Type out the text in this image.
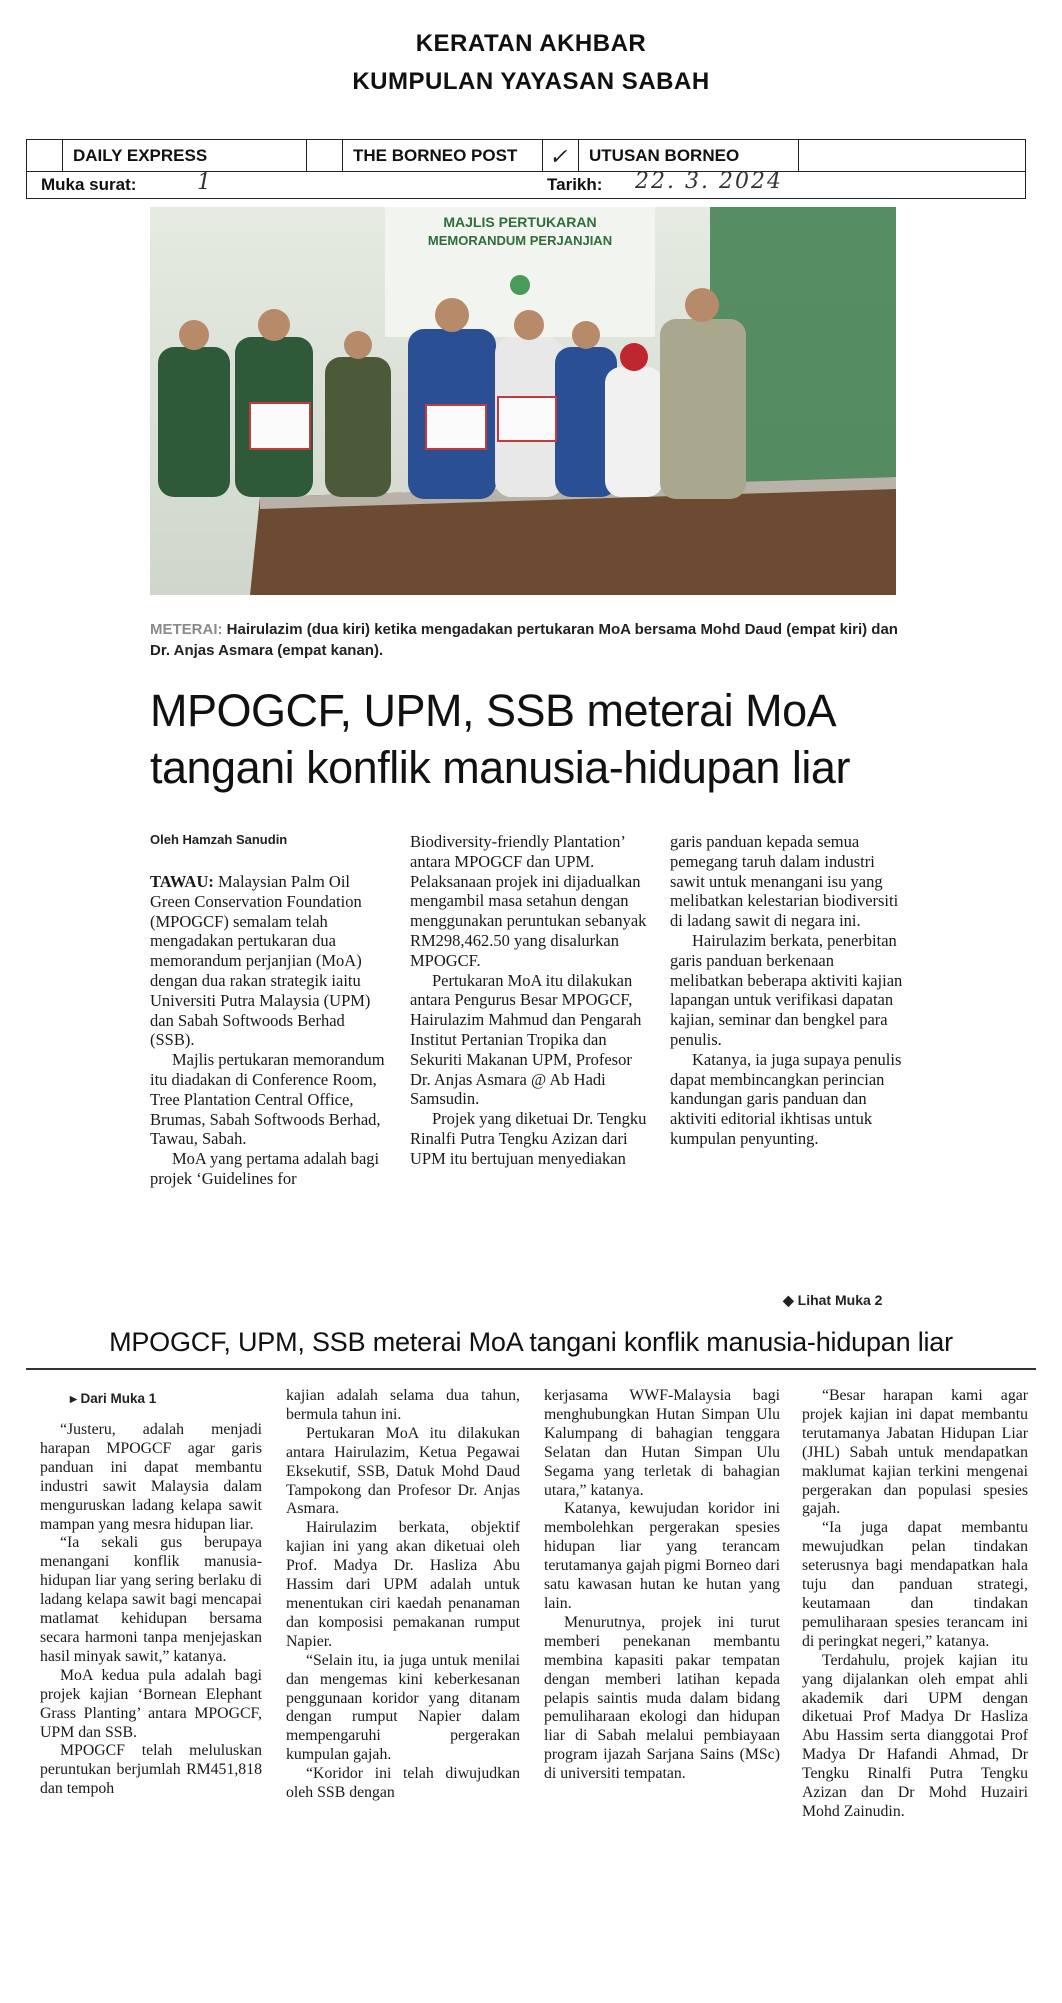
KERATAN AKHBAR
KUMPULAN YAYASAN SABAH
DAILY EXPRESS	THE BORNEO POST	✓	UTUSAN BORNEO
Muka surat:	1	Tarikh: 22. 3. 2024
MAJLIS PERTUKARAN
MEMORANDUM PERJANJIAN
METERAI: Hairulazim (dua kiri) ketika mengadakan pertukaran MoA bersama Mohd Daud (empat kiri) dan Dr. Anjas Asmara (empat kanan).
MPOGCF, UPM, SSB meterai MoA
tangani konflik manusia-hidupan liar
Oleh Hamzah Sanudin

TAWAU: Malaysian Palm Oil Green Conservation Foundation (MPOGCF) semalam telah mengadakan pertukaran dua memorandum perjanjian (MoA) dengan dua rakan strategik iaitu Universiti Putra Malaysia (UPM) dan Sabah Softwoods Berhad (SSB).

Majlis pertukaran memorandum itu diadakan di Conference Room, Tree Plantation Central Office, Brumas, Sabah Softwoods Berhad, Tawau, Sabah.

MoA yang pertama adalah bagi projek ‘Guidelines for

Biodiversity-friendly Plantation’ antara MPOGCF dan UPM. Pelaksanaan projek ini dijadualkan mengambil masa setahun dengan menggunakan peruntukan sebanyak RM298,462.50 yang disalurkan MPOGCF.

Pertukaran MoA itu dilakukan antara Pengurus Besar MPOGCF, Hairulazim Mahmud dan Pengarah Institut Pertanian Tropika dan Sekuriti Makanan UPM, Profesor Dr. Anjas Asmara @ Ab Hadi Samsudin.

Projek yang diketuai Dr. Tengku Rinalfi Putra Tengku Azizan dari UPM itu bertujuan menyediakan

garis panduan kepada semua pemegang taruh dalam industri sawit untuk menangani isu yang melibatkan kelestarian biodiversiti di ladang sawit di negara ini.

Hairulazim berkata, penerbitan garis panduan berkenaan melibatkan beberapa aktiviti kajian lapangan untuk verifikasi dapatan kajian, seminar dan bengkel para penulis.

Katanya, ia juga supaya penulis dapat membincangkan perincian kandungan garis panduan dan aktiviti editorial ikhtisas untuk kumpulan penyunting.

◆ Lihat Muka 2
MPOGCF, UPM, SSB meterai MoA tangani konflik manusia-hidupan liar
▸ Dari Muka 1

“Justeru, adalah menjadi harapan MPOGCF agar garis panduan ini dapat membantu industri sawit Malaysia dalam menguruskan ladang kelapa sawit mampan yang mesra hidupan liar.

“Ia sekali gus berupaya menangani konflik manusia-hidupan liar yang sering berlaku di ladang kelapa sawit bagi mencapai matlamat kehidupan bersama secara harmoni tanpa menjejaskan hasil minyak sawit,” katanya.

MoA kedua pula adalah bagi projek kajian ‘Bornean Elephant Grass Planting’ antara MPOGCF, UPM dan SSB.

MPOGCF telah meluluskan peruntukan berjumlah RM451,818 dan tempoh

kajian adalah selama dua tahun, bermula tahun ini.

Pertukaran MoA itu dilakukan antara Hairulazim, Ketua Pegawai Eksekutif, SSB, Datuk Mohd Daud Tampokong dan Profesor Dr. Anjas Asmara.

Hairulazim berkata, objektif kajian ini yang akan diketuai oleh Prof. Madya Dr. Hasliza Abu Hassim dari UPM adalah untuk menentukan ciri kaedah penanaman dan komposisi pemakanan rumput Napier.

“Selain itu, ia juga untuk menilai dan mengemas kini keberkesanan penggunaan koridor yang ditanam dengan rumput Napier dalam mempengaruhi pergerakan kumpulan gajah.

“Koridor ini telah diwujudkan oleh SSB dengan

kerjasama WWF-Malaysia bagi menghubungkan Hutan Simpan Ulu Kalumpang di bahagian tenggara Selatan dan Hutan Simpan Ulu Segama yang terletak di bahagian utara,” katanya.

Katanya, kewujudan koridor ini membolehkan pergerakan spesies hidupan liar yang terancam terutamanya gajah pigmi Borneo dari satu kawasan hutan ke hutan yang lain.

Menurutnya, projek ini turut memberi penekanan membantu membina kapasiti pakar tempatan dengan memberi latihan kepada pelapis saintis muda dalam bidang pemuliharaan ekologi dan hidupan liar di Sabah melalui pembiayaan program ijazah Sarjana Sains (MSc) di universiti tempatan.

“Besar harapan kami agar projek kajian ini dapat membantu terutamanya Jabatan Hidupan Liar (JHL) Sabah untuk mendapatkan maklumat kajian terkini mengenai pergerakan dan populasi spesies gajah.

“Ia juga dapat membantu mewujudkan pelan tindakan seterusnya bagi mendapatkan hala tuju dan panduan strategi, keutamaan dan tindakan pemuliharaan spesies terancam ini di peringkat negeri,” katanya.

Terdahulu, projek kajian itu yang dijalankan oleh empat ahli akademik dari UPM dengan diketuai Prof Madya Dr Hasliza Abu Hassim serta dianggotai Prof Madya Dr Hafandi Ahmad, Dr Tengku Rinalfi Putra Tengku Azizan dan Dr Mohd Huzairi Mohd Zainudin.
